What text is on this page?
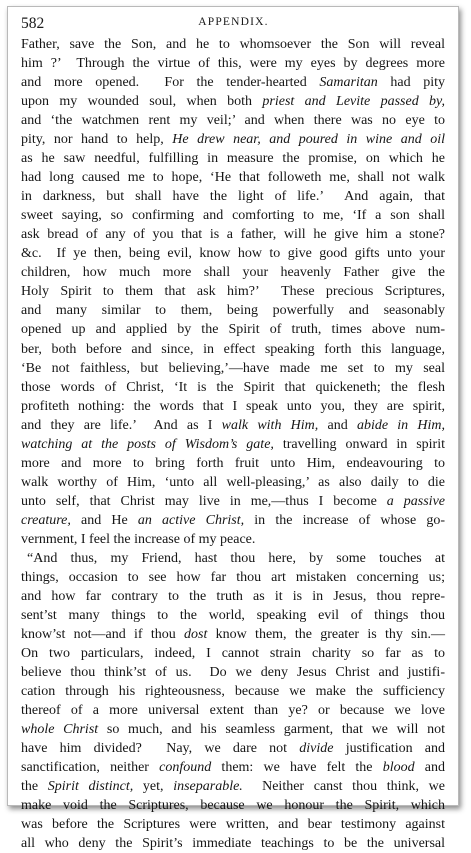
582	APPENDIX.
Father, save the Son, and he to whomsoever the Son will reveal
him ?’  Through the virtue of this, were my eyes by degrees more
and more opened.  For the tender-hearted Samaritan had pity
upon my wounded soul, when both priest and Levite passed by,
and ‘the watchmen rent my veil;’ and when there was no eye to
pity, nor hand to help, He drew near, and poured in wine and oil
as he saw needful, fulfilling in measure the promise, on which he
had long caused me to hope, ‘He that followeth me, shall not walk
in darkness, but shall have the light of life.’  And again, that
sweet saying, so confirming and comforting to me, ‘If a son shall
ask bread of any of you that is a father, will he give him a stone?
&c.  If ye then, being evil, know how to give good gifts unto your
children, how much more shall your heavenly Father give the
Holy Spirit to them that ask him?’  These precious Scriptures,
and many similar to them, being powerfully and seasonably
opened up and applied by the Spirit of truth, times above num-
ber, both before and since, in effect speaking forth this language,
‘Be not faithless, but believing,’—have made me set to my seal
those words of Christ, ‘It is the Spirit that quickeneth; the flesh
profiteth nothing: the words that I speak unto you, they are spirit,
and they are life.’  And as I walk with Him, and abide in Him,
watching at the posts of Wisdom’s gate, travelling onward in spirit
more and more to bring forth fruit unto Him, endeavouring to
walk worthy of Him, ‘unto all well-pleasing,’ as also daily to die
unto self, that Christ may live in me,—thus I become a passive
creature, and He an active Christ, in the increase of whose go-
vernment, I feel the increase of my peace.
“And thus, my Friend, hast thou here, by some touches at
things, occasion to see how far thou art mistaken concerning us;
and how far contrary to the truth as it is in Jesus, thou repre-
sent’st many things to the world, speaking evil of things thou
know’st not—and if thou dost know them, the greater is thy sin.—
On two particulars, indeed, I cannot strain charity so far as to
believe thou think’st of us.  Do we deny Jesus Christ and justifi-
cation through his righteousness, because we make the sufficiency
thereof of a more universal extent than ye? or because we love
whole Christ so much, and his seamless garment, that we will not
have him divided?  Nay, we dare not divide justification and
sanctification, neither confound them: we have felt the blood and
the Spirit distinct, yet, inseparable.  Neither canst thou think, we
make void the Scriptures, because we honour the Spirit, which
was before the Scriptures were written, and bear testimony against
all who deny the Spirit’s immediate teachings to be the universal
